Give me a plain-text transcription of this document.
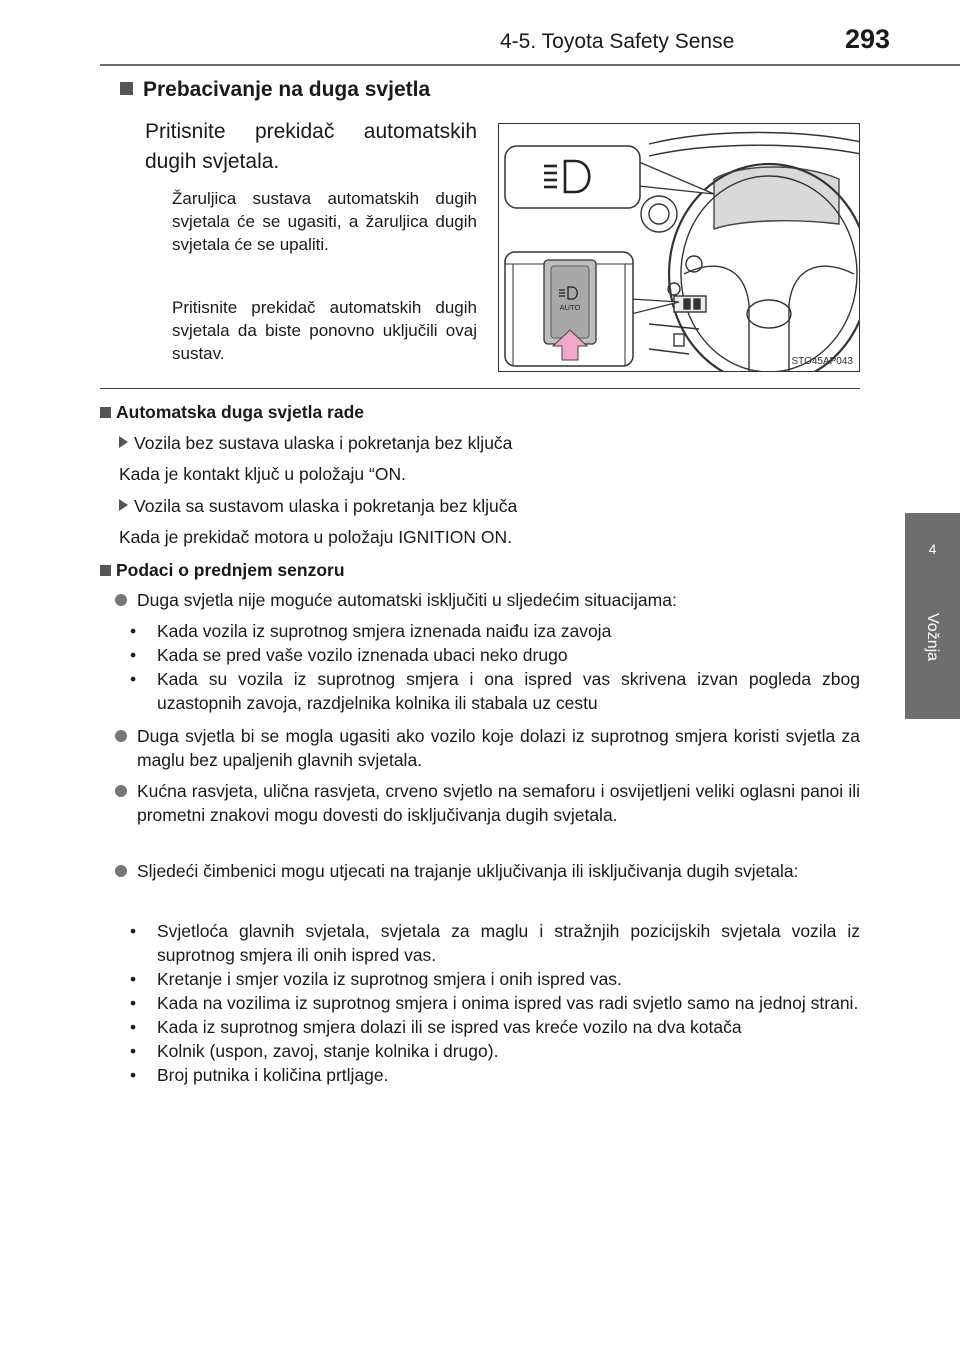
4-5. Toyota Safety Sense	293
4
Vožnja
Prebacivanje na duga svjetla
Pritisnite prekidač automatskih dugih svjetala.

Žaruljica sustava automatskih dugih svjetala će se ugasiti, a žaruljica dugih svjetala će se upaliti.

Pritisnite prekidač automatskih dugih svjetala da biste ponovno uključili ovaj sustav.

AUTO
STO45AP043
Automatska duga svjetla rade
Vozila bez sustava ulaska i pokretanja bez ključa
Kada je kontakt ključ u položaju “ON.
Vozila sa sustavom ulaska i pokretanja bez ključa
Kada je prekidač motora u položaju IGNITION ON.
Podaci o prednjem senzoru

Duga svjetla nije moguće automatski isključiti u sljedećim situacijama:

• Kada vozila iz suprotnog smjera iznenada naiđu iza zavoja
• Kada se pred vaše vozilo iznenada ubaci neko drugo
• Kada su vozila iz suprotnog smjera i ona ispred vas skrivena izvan pogleda zbog uzastopnih zavoja, razdjelnika kolnika ili stabala uz cestu

Duga svjetla bi se mogla ugasiti ako vozilo koje dolazi iz suprotnog smjera koristi svjetla za maglu bez upaljenih glavnih svjetala.

Kućna rasvjeta, ulična rasvjeta, crveno svjetlo na semaforu i osvijetljeni veliki oglasni panoi ili prometni znakovi mogu dovesti do isključivanja dugih svjetala.

Sljedeći čimbenici mogu utjecati na trajanje uključivanja ili isključivanja dugih svjetala:

• Svjetloća glavnih svjetala, svjetala za maglu i stražnjih pozicijskih svjetala vozila iz suprotnog smjera ili onih ispred vas.
• Kretanje i smjer vozila iz suprotnog smjera i onih ispred vas.
• Kada na vozilima iz suprotnog smjera i onima ispred vas radi svjetlo samo na jednoj strani.
• Kada iz suprotnog smjera dolazi ili se ispred vas kreće vozilo na dva kotača
• Kolnik (uspon, zavoj, stanje kolnika i drugo).
• Broj putnika i količina prtljage.
